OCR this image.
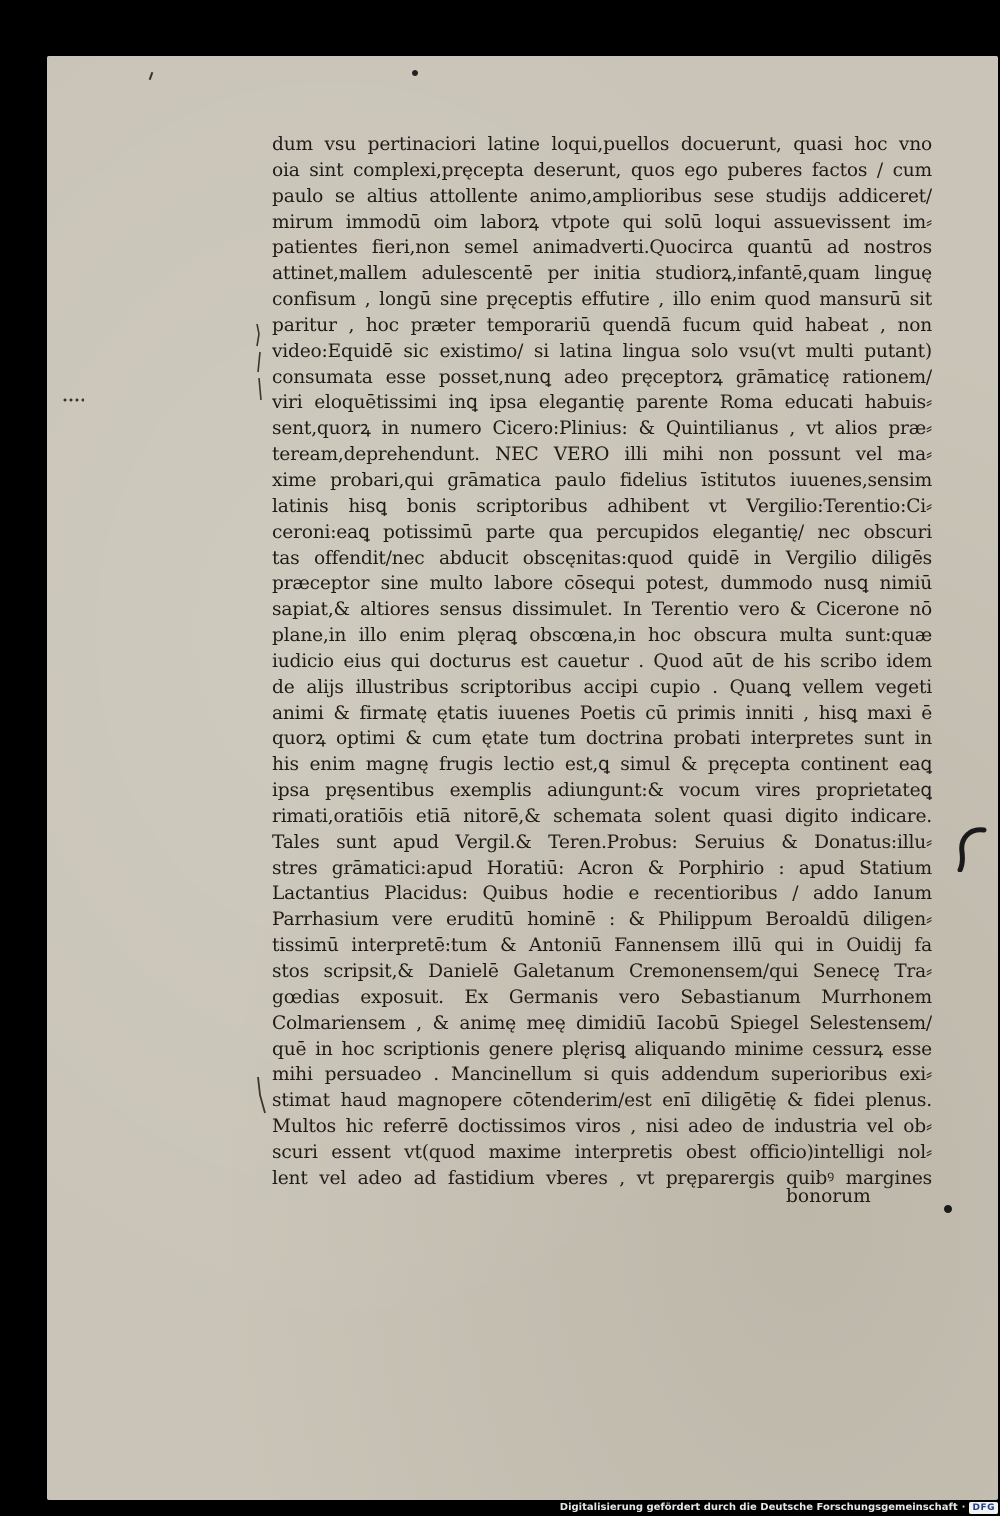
dum vsu pertinaciori latine loqui,puellos docuerunt, quasi hoc vno
oia sint complexi,pręcepta deserunt, quos ego puberes factos / cum
paulo se altius attollente animo,amplioribus sese studijs addiceret/
mirum immodū oim laborꝝ vtpote qui solū loqui assuevissent im⸗
patientes fieri,non semel animadverti.Quocirca quantū ad nostros
attinet,mallem adulescentē per initia studiorꝝ,infantē,quam linguę
confisum , longū sine pręceptis effutire , illo enim quod mansurū sit
paritur , hoc præter temporariū quendā fucum quid habeat , non
video:Equidē sic existimo/ si latina lingua solo vsu(vt multi putant)
consumata esse posset,nunꝗ adeo pręceptorꝝ grāmaticę rationem/
viri eloquētissimi inꝗ ipsa elegantię parente Roma educati habuis⸗
sent,quorꝝ in numero Cicero:Plinius: & Quintilianus , vt alios præ⸗
teream,deprehendunt. NEC VERO illi mihi non possunt vel ma⸗
xime probari,qui grāmatica paulo fidelius īstitutos iuuenes,sensim
latinis hisꝗ bonis scriptoribus adhibent vt Vergilio:Terentio:Ci⸗
ceroni:eaꝗ potissimū parte qua percupidos elegantię/ nec obscuri
tas offendit/nec abducit obscęnitas:quod quidē in Vergilio diligēs
præceptor sine multo labore cōsequi potest, dummodo nusꝗ nimiū
sapiat,& altiores sensus dissimulet. In Terentio vero & Cicerone nō
plane,in illo enim plęraꝗ obscœna,in hoc obscura multa sunt:quæ
iudicio eius qui docturus est cauetur . Quod aūt de his scribo idem
de alijs illustribus scriptoribus accipi cupio . Quanꝗ vellem vegeti
animi & firmatę ętatis iuuenes Poetis cū primis inniti , hisꝗ maxi ē
quorꝝ optimi & cum ętate tum doctrina probati interpretes sunt in
his enim magnę frugis lectio est,ꝗ simul & pręcepta continent eaꝗ
ipsa pręsentibus exemplis adiungunt:& vocum vires proprietateꝗ
rimati,oratiōis etiā nitorē,& schemata solent quasi digito indicare.
Tales sunt apud Vergil.& Teren.Probus: Seruius & Donatus:illu⸗
stres grāmatici:apud Horatiū: Acron & Porphirio : apud Statium
Lactantius Placidus: Quibus hodie e recentioribus / addo Ianum
Parrhasium vere eruditū hominē : & Philippum Beroaldū diligen⸗
tissimū interpretē:tum & Antoniū Fannensem illū qui in Ouidij fa
stos scripsit,& Danielē Galetanum Cremonensem/qui Senecę Tra⸗
gœdias exposuit. Ex Germanis vero Sebastianum Murrhonem
Colmariensem , & animę meę dimidiū Iacobū Spiegel Selestensem/
quē in hoc scriptionis genere plęrisꝗ aliquando minime cessurꝝ esse
mihi persuadeo . Mancinellum si quis addendum superioribus exi⸗
stimat haud magnopere cōtenderim/est enī diligētię & fidei plenus.
Multos hic referrē doctissimos viros , nisi adeo de industria vel ob⸗
scuri essent vt(quod maxime interpretis obest officio)intelligi nol⸗
lent vel adeo ad fastidium vberes , vt pręparergis quibꝰ margines
bonorum
Digitalisierung gefördert durch die Deutsche Forschungsgemeinschaft · DFG
